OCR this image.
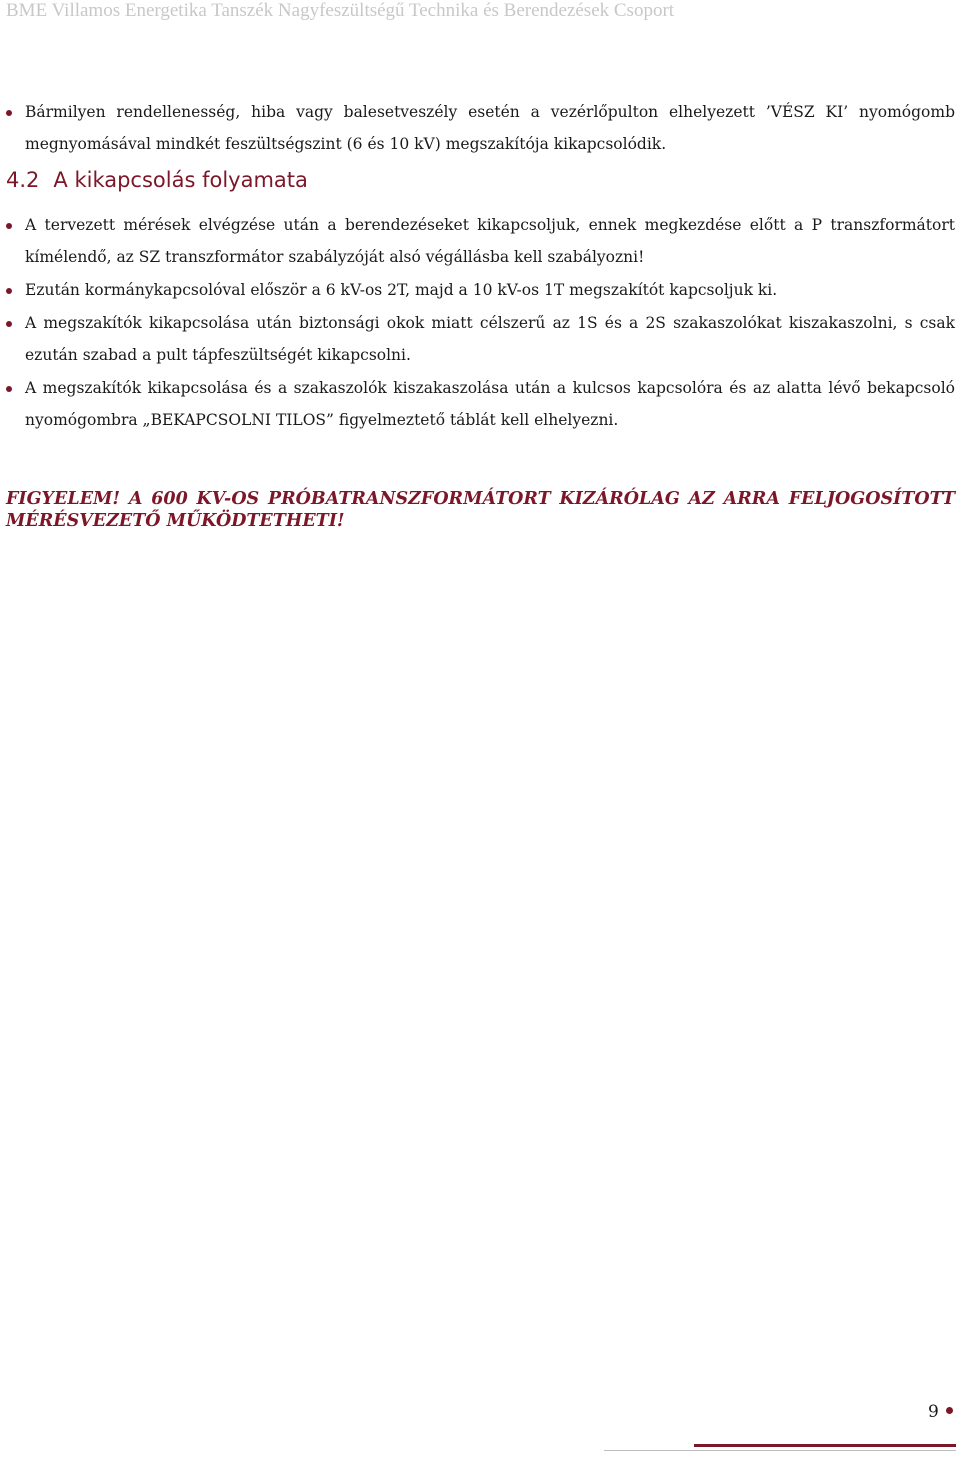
BME Villamos Energetika Tanszék Nagyfeszültségű Technika és Berendezések Csoport
Bármilyen rendellenesség, hiba vagy balesetveszély esetén a vezérlőpulton elhelyezett ’VÉSZ KI’ nyomógomb megnyomásával mindkét feszültségszint (6 és 10 kV) megszakítója kikapcsolódik.
4.2 A kikapcsolás folyamata
A tervezett mérések elvégzése után a berendezéseket kikapcsoljuk, ennek megkezdése előtt a P transzformátort kímélendő, az SZ transzformátor szabályzóját alsó végállásba kell szabályozni!
Ezután kormánykapcsolóval először a 6 kV-os 2T, majd a 10 kV-os 1T megszakítót kapcsoljuk ki.
A megszakítók kikapcsolása után biztonsági okok miatt célszerű az 1S és a 2S szakaszolókat kiszakaszolni, s csak ezután szabad a pult tápfeszültségét kikapcsolni.
A megszakítók kikapcsolása és a szakaszolók kiszakaszolása után a kulcsos kapcsolóra és az alatta lévő bekapcsoló nyomógombra „BEKAPCSOLNI TILOS” figyelmeztető táblát kell elhelyezni.
FIGYELEM! A 600 KV-OS PRÓBATRANSZFORMÁTORT KIZÁRÓLAG AZ ARRA FELJOGOSÍTOTT MÉRÉSVEZETŐ MŰKÖDTETHETI!
9
